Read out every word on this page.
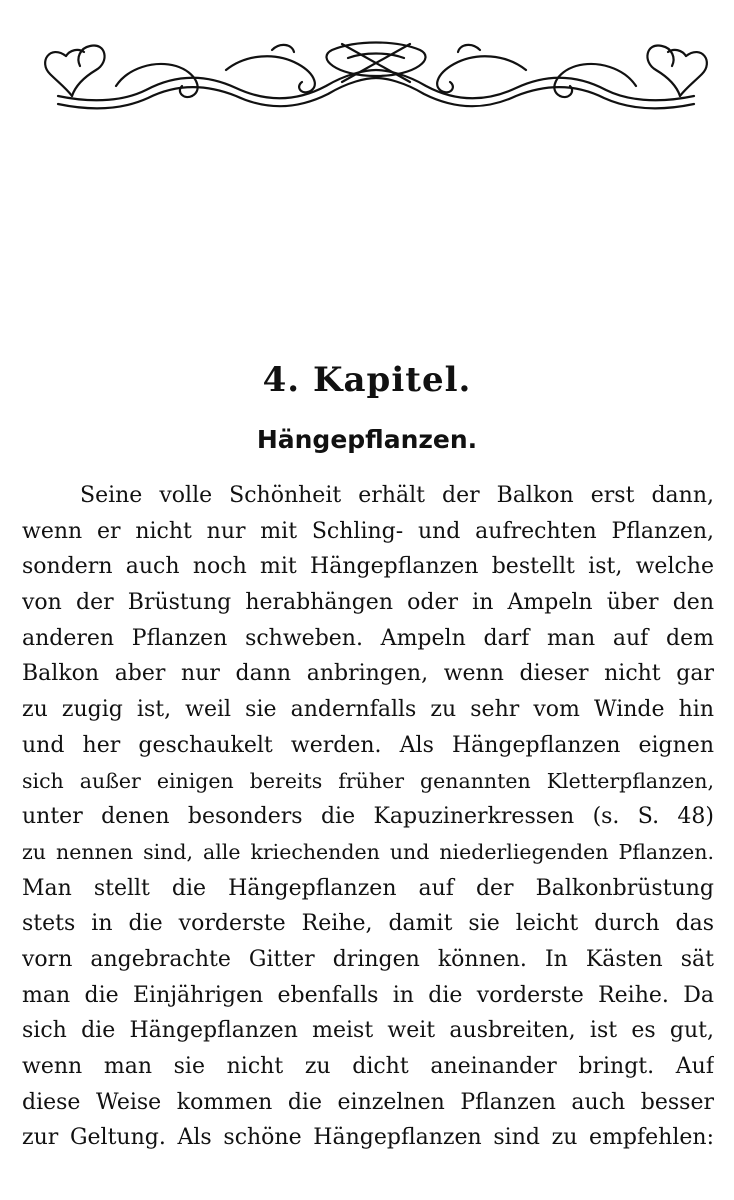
4. Kapitel.
Hängepflanzen.
Seine volle Schönheit erhält der Balkon erst dann,
wenn er nicht nur mit Schling- und aufrechten Pflanzen,
sondern auch noch mit Hängepflanzen bestellt ist, welche
von der Brüstung herabhängen oder in Ampeln über den
anderen Pflanzen schweben. Ampeln darf man auf dem
Balkon aber nur dann anbringen, wenn dieser nicht gar
zu zugig ist, weil sie andernfalls zu sehr vom Winde hin
und her geschaukelt werden. Als Hängepflanzen eignen
sich außer einigen bereits früher genannten Kletterpflanzen,
unter denen besonders die Kapuzinerkressen (s. S. 48)
zu nennen sind, alle kriechenden und niederliegenden Pflanzen.
Man stellt die Hängepflanzen auf der Balkonbrüstung
stets in die vorderste Reihe, damit sie leicht durch das
vorn angebrachte Gitter dringen können. In Kästen sät
man die Einjährigen ebenfalls in die vorderste Reihe. Da
sich die Hängepflanzen meist weit ausbreiten, ist es gut,
wenn man sie nicht zu dicht aneinander bringt. Auf
diese Weise kommen die einzelnen Pflanzen auch besser
zur Geltung. Als schöne Hängepflanzen sind zu empfehlen:
